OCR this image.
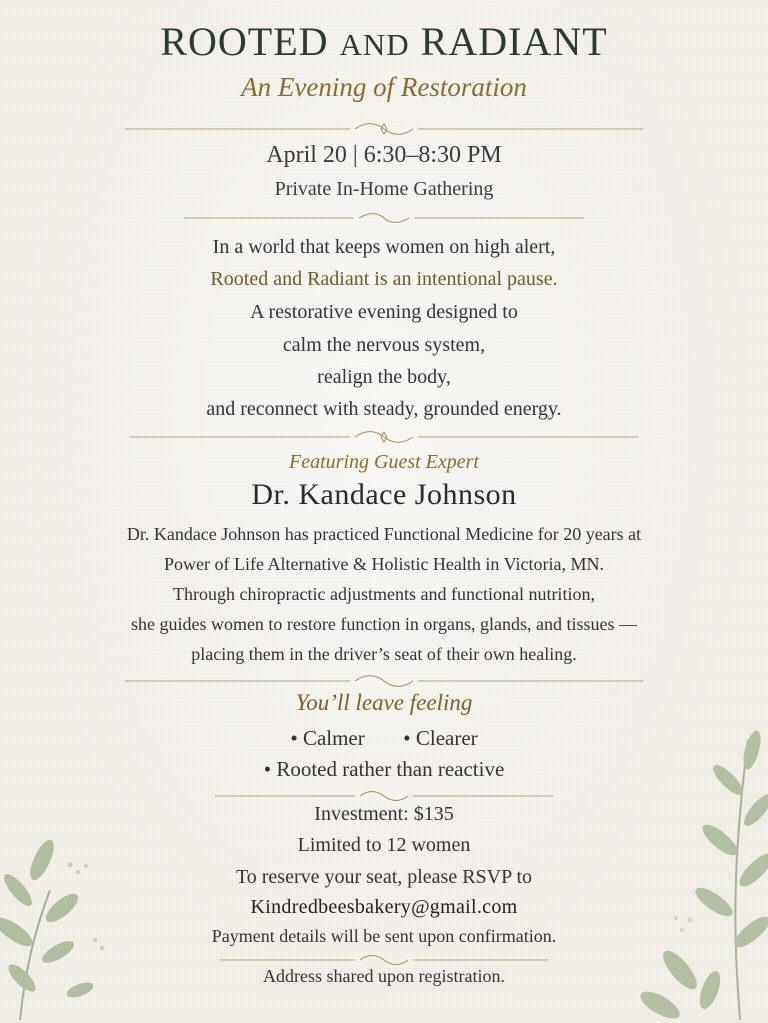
ROOTED AND RADIANT
An Evening of Restoration
April 20 | 6:30–8:30 PM
Private In-Home Gathering
In a world that keeps women on high alert,
Rooted and Radiant is an intentional pause.
A restorative evening designed to
calm the nervous system,
realign the body,
and reconnect with steady, grounded energy.
Featuring Guest Expert
Dr. Kandace Johnson
Dr. Kandace Johnson has practiced Functional Medicine for 20 years at
Power of Life Alternative & Holistic Health in Victoria, MN.
Through chiropractic adjustments and functional nutrition,
she guides women to restore function in organs, glands, and tissues —
placing them in the driver’s seat of their own healing.
You’ll leave feeling
• Calmer • Clearer
• Rooted rather than reactive
Investment: $135
Limited to 12 women
To reserve your seat, please RSVP to
Kindredbeesbakery@gmail.com
Payment details will be sent upon confirmation.
Address shared upon registration.
